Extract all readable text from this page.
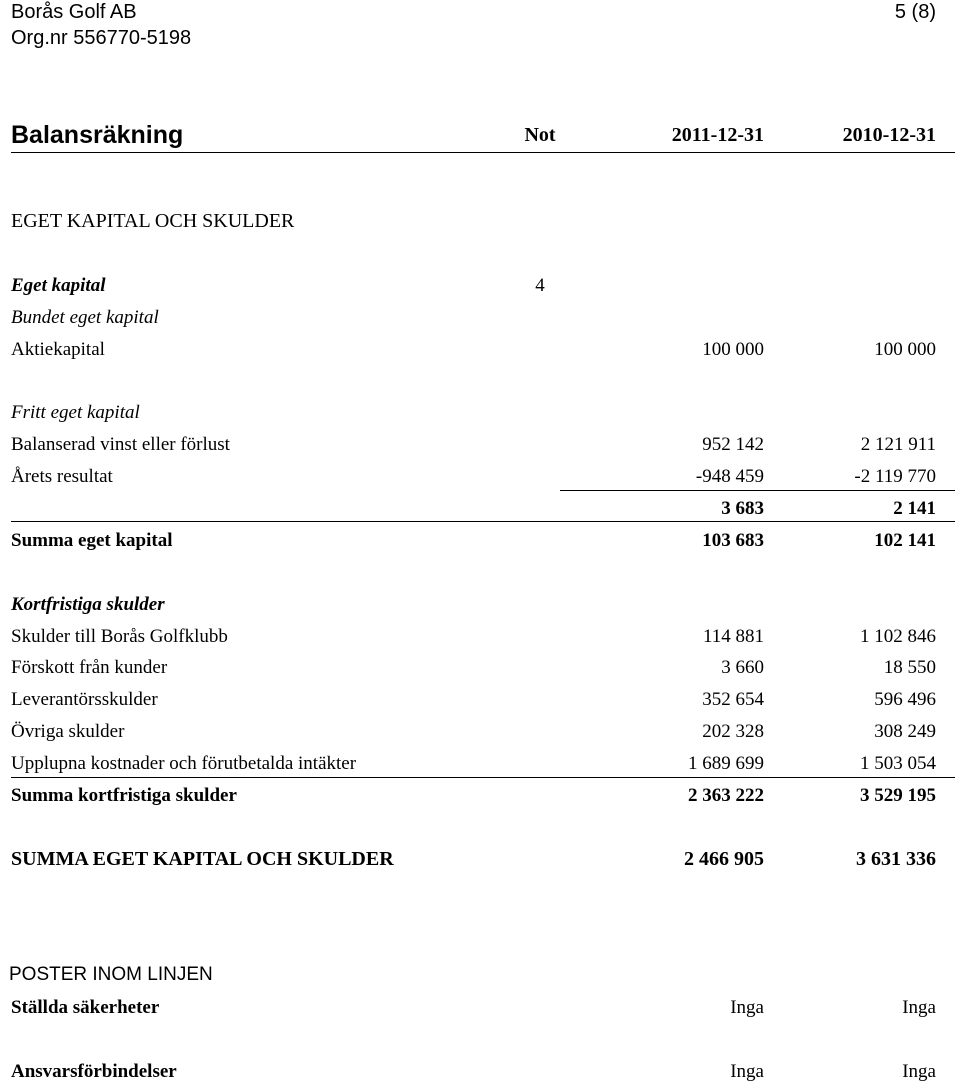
Borås Golf AB
Org.nr 556770-5198
5 (8)
Balansräkning	Not	2011-12-31	2010-12-31
EGET KAPITAL OCH SKULDER
Eget kapital	4
Bundet eget kapital
Aktiekapital	100 000	100 000
Fritt eget kapital
Balanserad vinst eller förlust	952 142	2 121 911
Årets resultat	-948 459	-2 119 770
3 683	2 141
Summa eget kapital	103 683	102 141
Kortfristiga skulder
Skulder till Borås Golfklubb	114 881	1 102 846
Förskott från kunder	3 660	18 550
Leverantörsskulder	352 654	596 496
Övriga skulder	202 328	308 249
Upplupna kostnader och förutbetalda intäkter	1 689 699	1 503 054
Summa kortfristiga skulder	2 363 222	3 529 195
SUMMA EGET KAPITAL OCH SKULDER	2 466 905	3 631 336
POSTER INOM LINJEN
Ställda säkerheter	Inga	Inga
Ansvarsförbindelser	Inga	Inga
